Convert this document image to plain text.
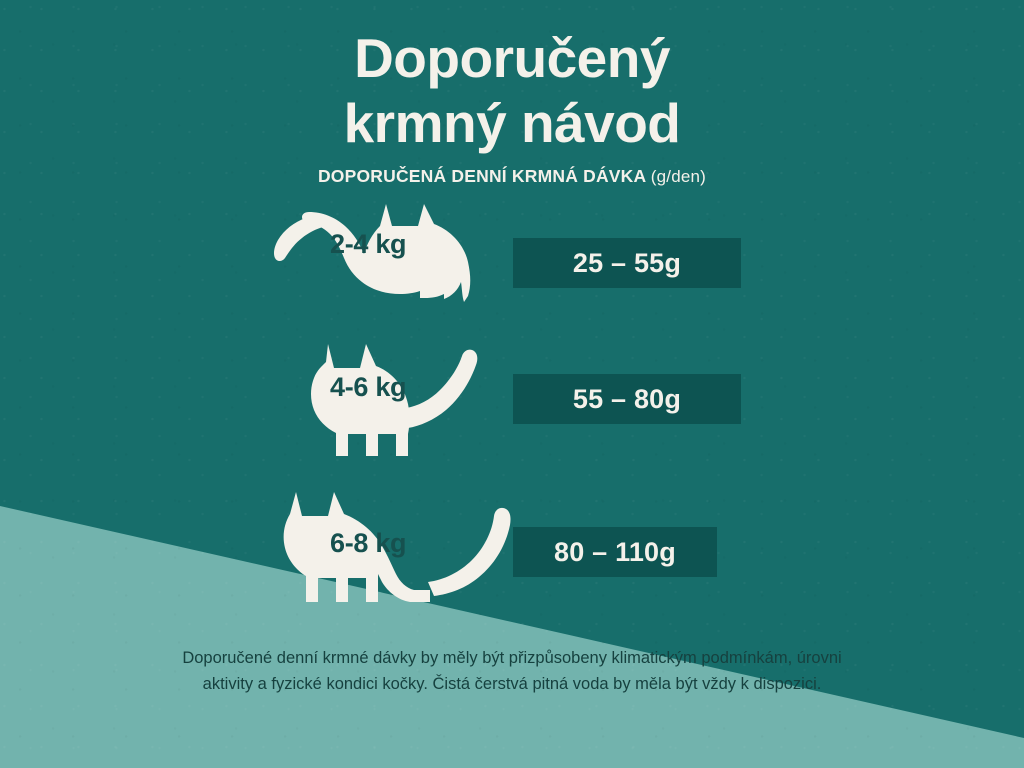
Doporučený
krmný návod
DOPORUČENÁ DENNÍ KRMNÁ DÁVKA (g/den)
2-4 kg
25 – 55g
4-6 kg	55 – 80g
6-8 kg	80 – 110g
Doporučené denní krmné dávky by měly být přizpůsobeny klimatickým podmínkám, úrovni aktivity a fyzické kondici kočky. Čistá čerstvá pitná voda by měla být vždy k dispozici.
